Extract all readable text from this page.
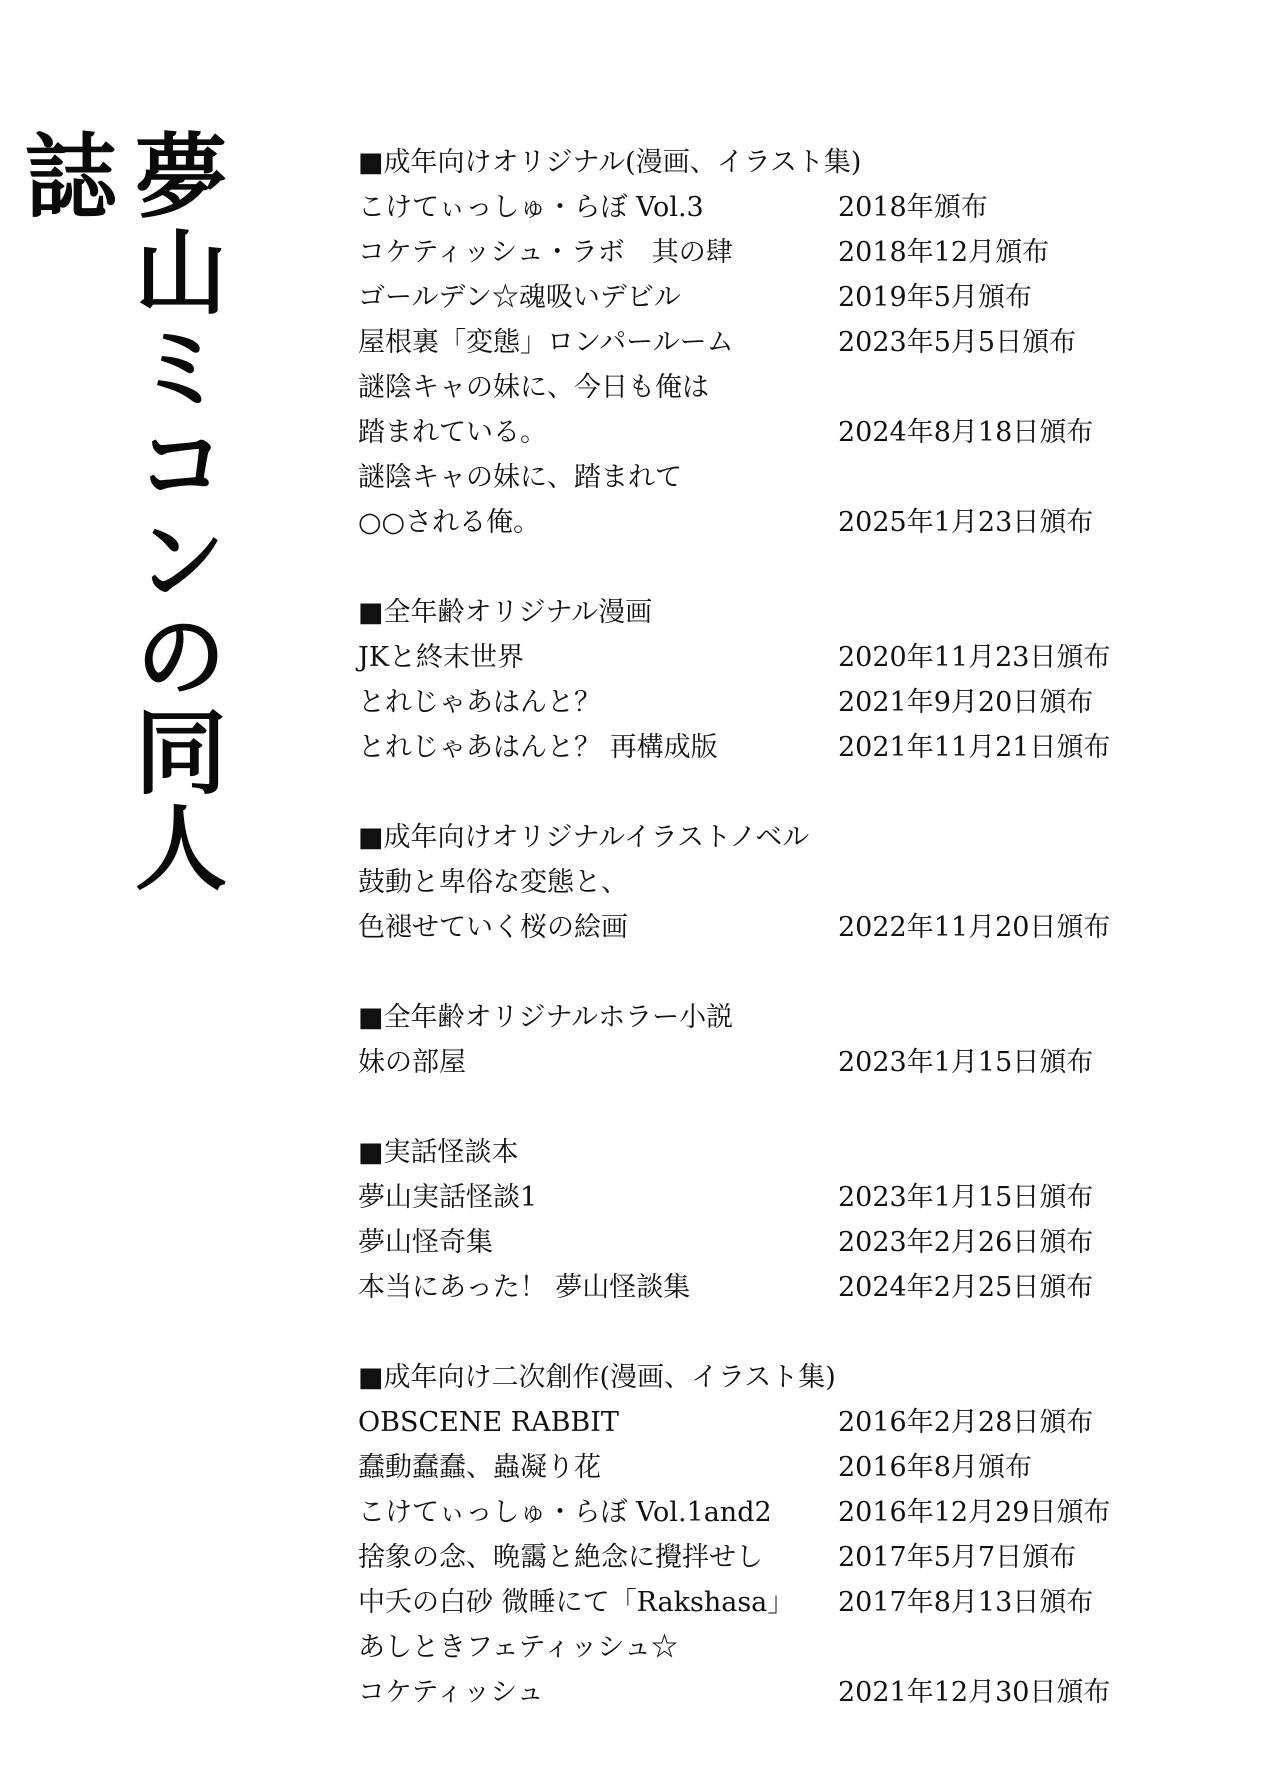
夢山ミコンの同人誌	■成年向けオリジナル(漫画、イラスト集)
こけてぃっしゅ・らぼ Vol.3	2018年頒布
コケティッシュ・ラボ　其の肆	2018年12月頒布
ゴールデン☆魂吸いデビル	2019年5月頒布
屋根裏「変態」ロンパールーム	2023年5月5日頒布
謎陰キャの妹に、今日も俺は
踏まれている。	2024年8月18日頒布
謎陰キャの妹に、踏まれて
○○される俺。	2025年1月23日頒布
■全年齢オリジナル漫画
JKと終末世界	2020年11月23日頒布
とれじゃあはんと？	2021年9月20日頒布
とれじゃあはんと？ 再構成版	2021年11月21日頒布
■成年向けオリジナルイラストノベル
鼓動と卑俗な変態と、
色褪せていく桜の絵画	2022年11月20日頒布
■全年齢オリジナルホラー小説
妹の部屋	2023年1月15日頒布
■実話怪談本
夢山実話怪談1	2023年1月15日頒布
夢山怪奇集	2023年2月26日頒布
本当にあった！ 夢山怪談集	2024年2月25日頒布
■成年向け二次創作(漫画、イラスト集)
OBSCENE RABBIT	2016年2月28日頒布
蠢動蠢蠢、蟲凝り花	2016年8月頒布
こけてぃっしゅ・らぼ Vol.1and2 2016年12月29日頒布
捨象の念、晩靄と絶念に攪拌せし	2017年5月7日頒布
中夭の白砂 微睡にて「Rakshasa」 2017年8月13日頒布
あしときフェティッシュ☆
コケティッシュ	2021年12月30日頒布
